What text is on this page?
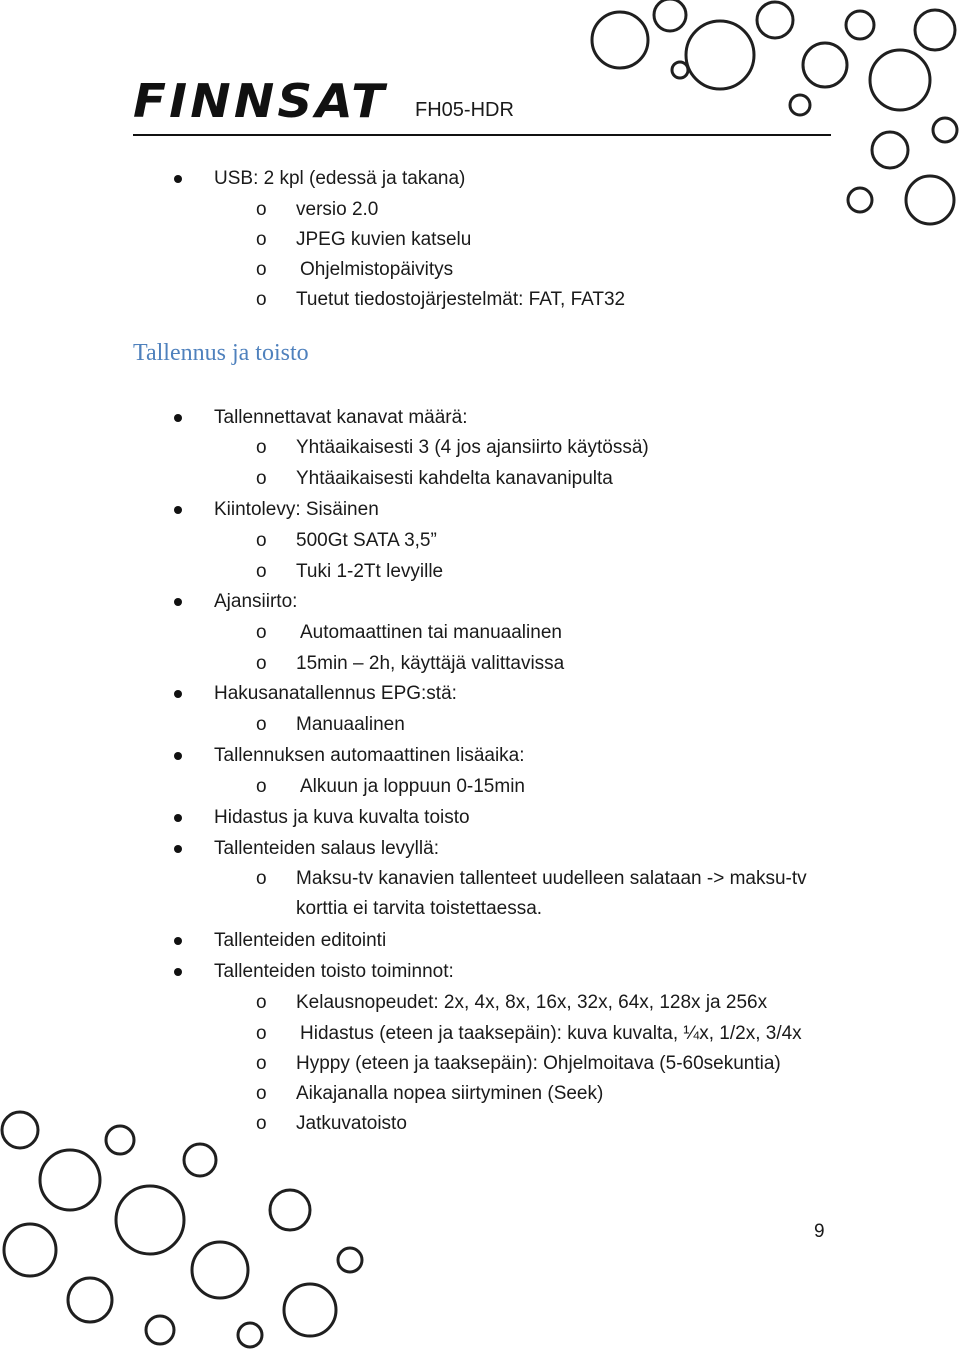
FINNSAT FH05-HDR
USB: 2 kpl (edessä ja takana)
o versio 2.0
o JPEG kuvien katselu
o Ohjelmistopäivitys
o Tuetut tiedostojärjestelmät: FAT, FAT32
Tallennus ja toisto
Tallennettavat kanavat määrä:
o Yhtäaikaisesti 3 (4 jos ajansiirto käytössä)
o Yhtäaikaisesti kahdelta kanavanipulta
Kiintolevy: Sisäinen
o 500Gt SATA 3,5”
o Tuki 1-2Tt levyille
Ajansiirto:
o Automaattinen tai manuaalinen
o 15min – 2h, käyttäjä valittavissa
Hakusanatallennus EPG:stä:
o Manuaalinen
Tallennuksen automaattinen lisäaika:
o Alkuun ja loppuun 0-15min
Hidastus ja kuva kuvalta toisto
Tallenteiden salaus levyllä:
o Maksu-tv kanavien tallenteet uudelleen salataan -> maksu-tv korttia ei tarvita toistettaessa.
Tallenteiden editointi
Tallenteiden toisto toiminnot:
o Kelausnopeudet: 2x, 4x, 8x, 16x, 32x, 64x, 128x ja 256x
o Hidastus (eteen ja taaksepäin): kuva kuvalta, ¼x, 1/2x, 3/4x
o Hyppy (eteen ja taaksepäin): Ohjelmoitava (5-60sekuntia)
o Aikajanalla nopea siirtyminen (Seek)
o Jatkuvatoisto
9
